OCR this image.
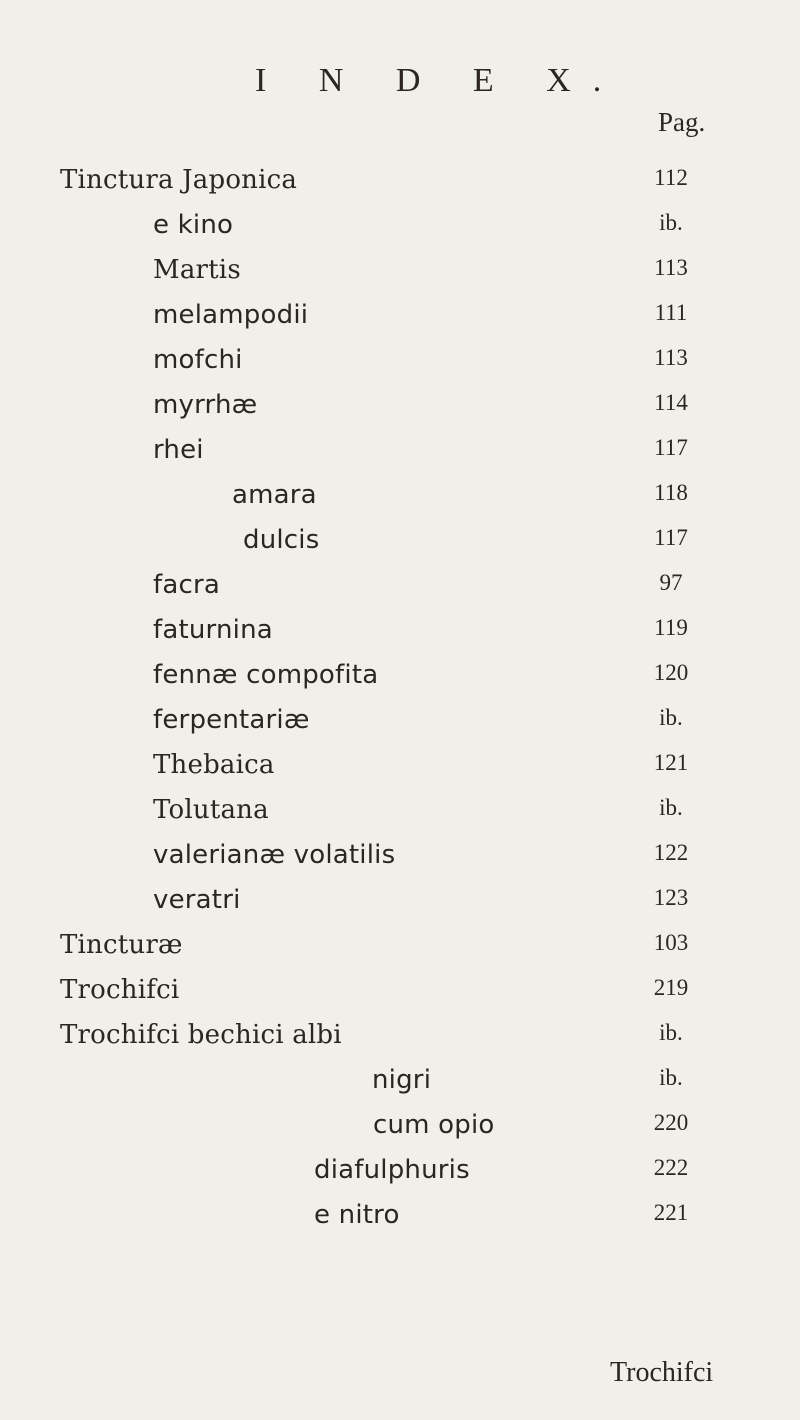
I N D E X.
Pag.
Tinctura Japonica	112
e kino	ib.
Martis	113
melampodii	111
mofchi	113
myrrhæ	114
rhei	117
amara	118
dulcis	117
facra	97
faturnina	119
fennæ compofita	120
ferpentariæ	ib.
Thebaica	121
Tolutana	ib.
valerianæ volatilis	122
veratri	123
Tincturæ	103
Trochifci	219
Trochifci bechici albi	ib.
nigri	ib.
cum opio	220
diafulphuris	222
e nitro	221
Trochifci
